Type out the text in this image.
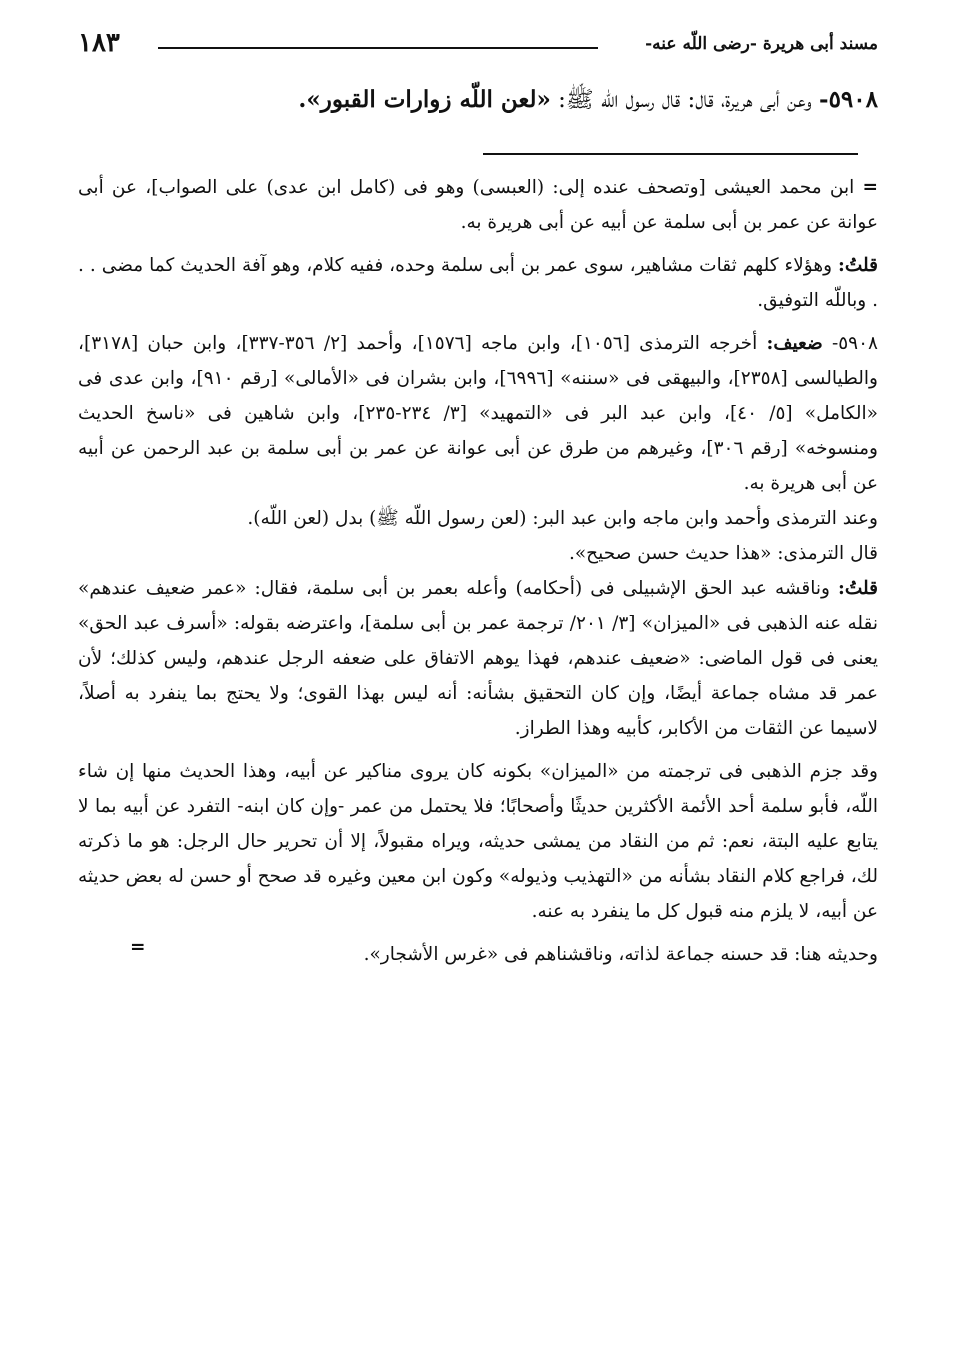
١٨٣	مسند أبى هريرة -رضى اللّه عنه-
٥٩٠٨- وعن أبى هريرة، قال: قال رسول اللّه ﷺ: «لعن اللّه زوارات القبور».

= ابن محمد العيشى [وتصحف عنده إلى: (العبسى) وهو فى (كامل ابن عدى) على الصواب]، عن أبى عوانة عن عمر بن أبى سلمة عن أبيه عن أبى هريرة به.

قلتُ: وهؤلاء كلهم ثقات مشاهير، سوى عمر بن أبى سلمة وحده، ففيه كلام، وهو آفة الحديث كما مضى . . . وباللّه التوفيق.

٥٩٠٨- ضعيف: أخرجه الترمذى [١٠٥٦]، وابن ماجه [١٥٧٦]، وأحمد [٢/ ٣٥٦-٣٣٧]، وابن حبان [٣١٧٨]، والطيالسى [٢٣٥٨]، والبيهقى فى «سننه» [٦٩٩٦]، وابن بشران فى «الأمالى» [رقم ٩١٠]، وابن عدى فى «الكامل» [٥/ ٤٠]، وابن عبد البر فى «التمهيد» [٣/ ٢٣٤-٢٣٥]، وابن شاهين فى «ناسخ الحديث ومنسوخه» [رقم ٣٠٦]، وغيرهم من طرق عن أبى عوانة عن عمر بن أبى سلمة بن عبد الرحمن عن أبيه عن أبى هريرة به.

وعند الترمذى وأحمد وابن ماجه وابن عبد البر: (لعن رسول اللّه ﷺ) بدل (لعن اللّه).

قال الترمذى: «هذا حديث حسن صحيح».

قلتُ: وناقشه عبد الحق الإشبيلى فى (أحكامه) وأعله بعمر بن أبى سلمة، فقال: «عمر ضعيف عندهم» نقله عنه الذهبى فى «الميزان» [٣/ ٢٠١/ ترجمة عمر بن أبى سلمة]، واعترضه بقوله: «أسرف عبد الحق» يعنى فى قول الماضى: «ضعيف عندهم، فهذا يوهم الاتفاق على ضعفه الرجل عندهم، وليس كذلك؛ لأن عمر قد مشاه جماعة أيضًا، وإن كان التحقيق بشأنه: أنه ليس بهذا القوى؛ ولا يحتج بما ينفرد به أصلاً، لاسيما عن الثقات من الأكابر، كأبيه وهذا الطراز.

وقد جزم الذهبى فى ترجمته من «الميزان» بكونه كان يروى مناكير عن أبيه، وهذا الحديث منها إن شاء اللّه، فأبو سلمة أحد الأئمة الأكثرين حديثًا وأصحابًا؛ فلا يحتمل من عمر -وإن كان ابنه- التفرد عن أبيه بما لا يتابع عليه البتة، نعم: ثم من النقاد من يمشى حديثه، ويراه مقبولاً، إلا أن تحرير حال الرجل: هو ما ذكرته لك، فراجع كلام النقاد بشأنه من «التهذيب وذيوله» وكون ابن معين وغيره قد صحح أو حسن له بعض حديثه عن أبيه، لا يلزم منه قبول كل ما ينفرد به عنه.

وحديثه هنا: قد حسنه جماعة لذاته، وناقشناهم فى «غرس الأشجار».

=
